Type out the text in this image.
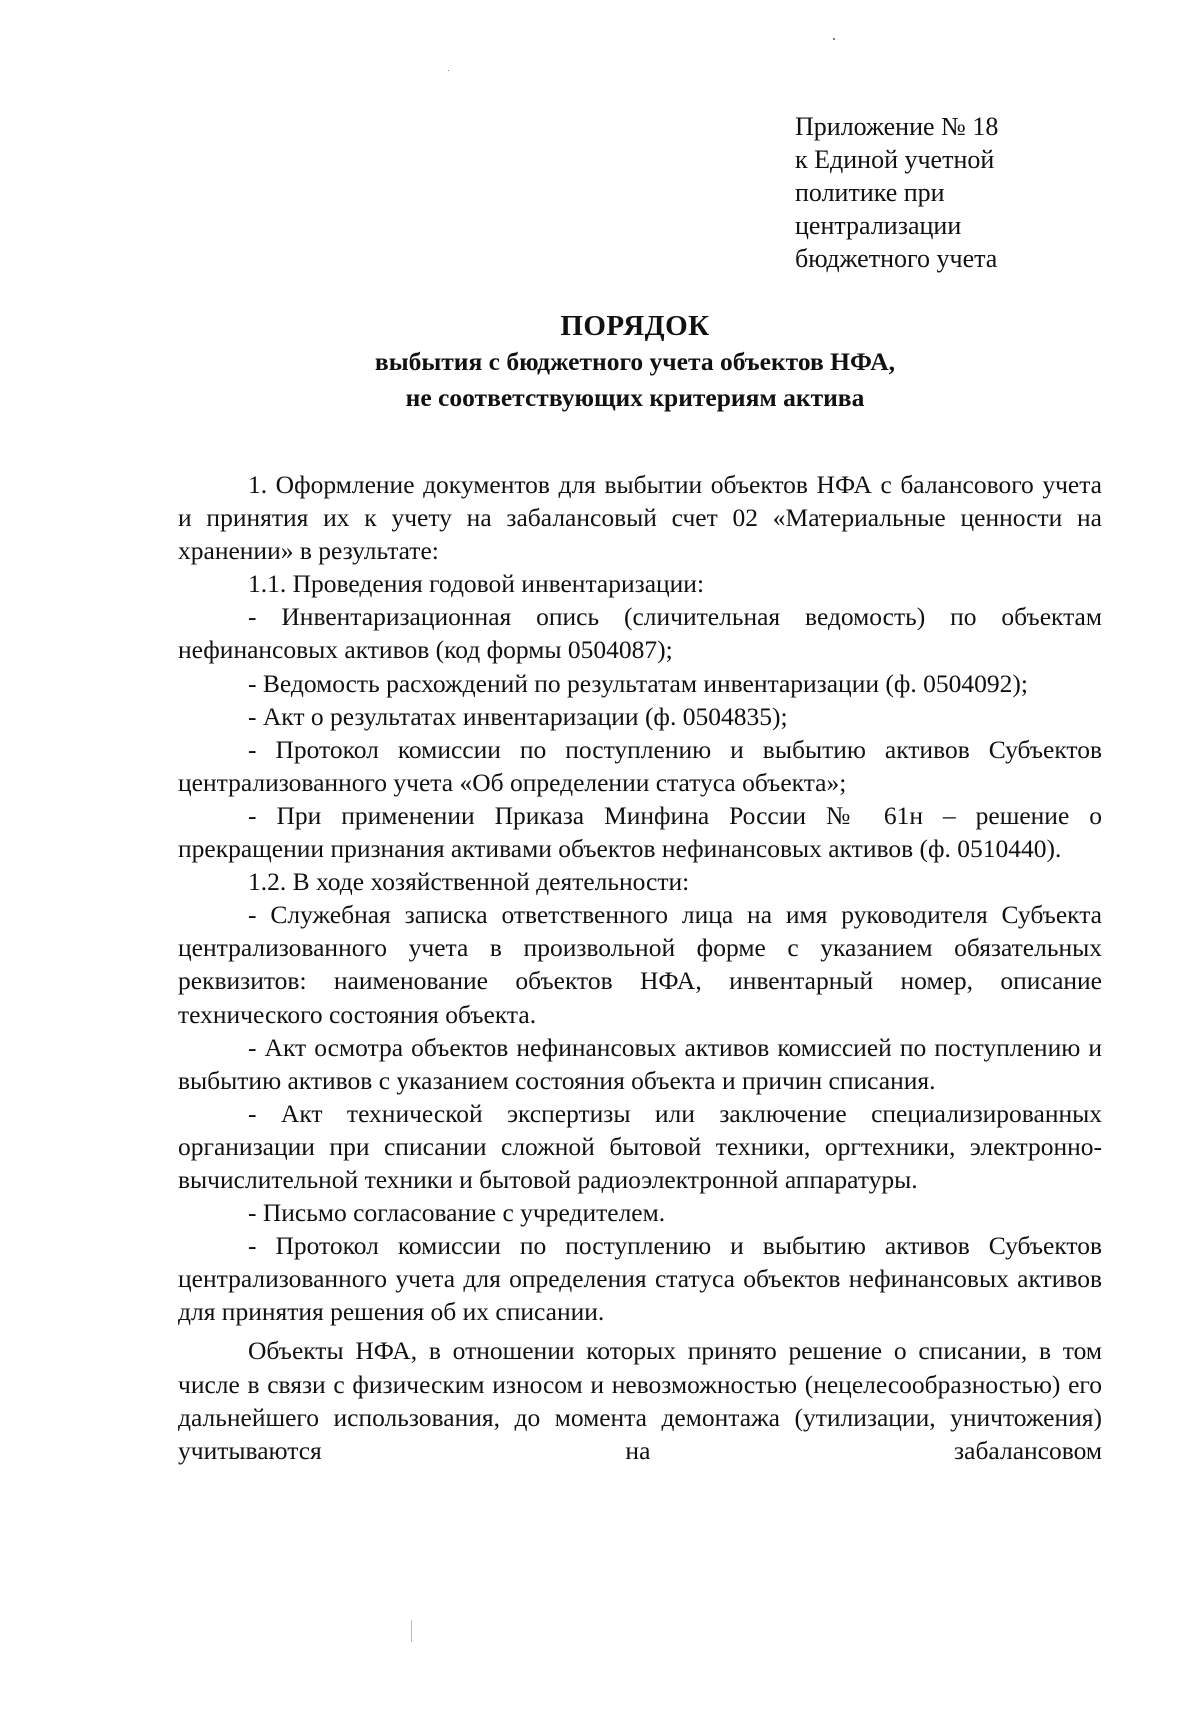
Приложение № 18
к Единой учетной
политике при
централизации
бюджетного учета
ПОРЯДОК
выбытия с бюджетного учета объектов НФА,
не соответствующих критериям актива

1. Оформление документов для выбытии объектов НФА с балансового учета и принятия их к учету на забалансовый счет 02 «Материальные ценности на хранении» в результате:

1.1. Проведения годовой инвентаризации:

- Инвентаризационная опись (сличительная ведомость) по объектам нефинансовых активов (код формы 0504087);

- Ведомость расхождений по результатам инвентаризации (ф. 0504092);

- Акт о результатах инвентаризации (ф. 0504835);

- Протокол комиссии по поступлению и выбытию активов Субъектов централизованного учета «Об определении статуса объекта»;

- При применении Приказа Минфина России № 61н – решение о прекращении признания активами объектов нефинансовых активов (ф. 0510440).

1.2. В ходе хозяйственной деятельности:

- Служебная записка ответственного лица на имя руководителя Субъекта централизованного учета в произвольной форме с указанием обязательных реквизитов: наименование объектов НФА, инвентарный номер, описание технического состояния объекта.

- Акт осмотра объектов нефинансовых активов комиссией по поступлению и выбытию активов с указанием состояния объекта и причин списания.

- Акт технической экспертизы или заключение специализированных организации при списании сложной бытовой техники, оргтехники, электронно-вычислительной техники и бытовой радиоэлектронной аппаратуры.

- Письмо согласование с учредителем.

- Протокол комиссии по поступлению и выбытию активов Субъектов централизованного учета для определения статуса объектов нефинансовых активов для принятия решения об их списании.

Объекты НФА, в отношении которых принято решение о списании, в том числе в связи с физическим износом и невозможностью (нецелесообразностью) его дальнейшего использования, до момента демонтажа (утилизации, уничтожения) учитываются на забалансовом
